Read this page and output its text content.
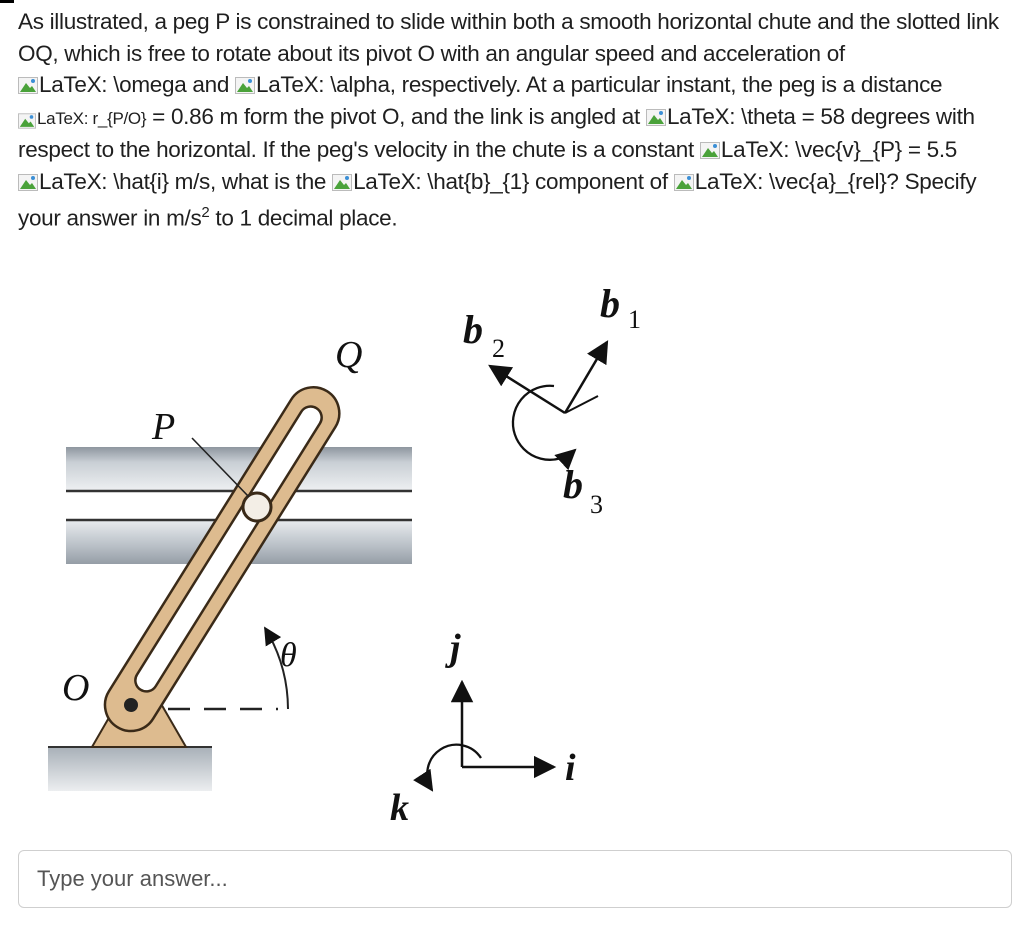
As illustrated, a peg P is constrained to slide within both a smooth horizontal chute and the slotted link OQ, which is free to rotate about its pivot O with an angular speed and acceleration of LaTeX: \omega and LaTeX: \alpha, respectively. At a particular instant, the peg is a distance LaTeX: r_{P/O} = 0.86 m form the pivot O, and the link is angled at LaTeX: \theta = 58 degrees with respect to the horizontal. If the peg's velocity in the chute is a constant LaTeX: \vec{v}_{P} = 5.5LaTeX: \hat{i} m/s, what is the LaTeX: \hat{b}_{1} component of LaTeX: \vec{a}_{rel}? Specify your answer in $m/s^2$ to 1 decimal place.
P
Q
O
θ
b 1
b 2
b 3
j
i
k
Type your answer...
